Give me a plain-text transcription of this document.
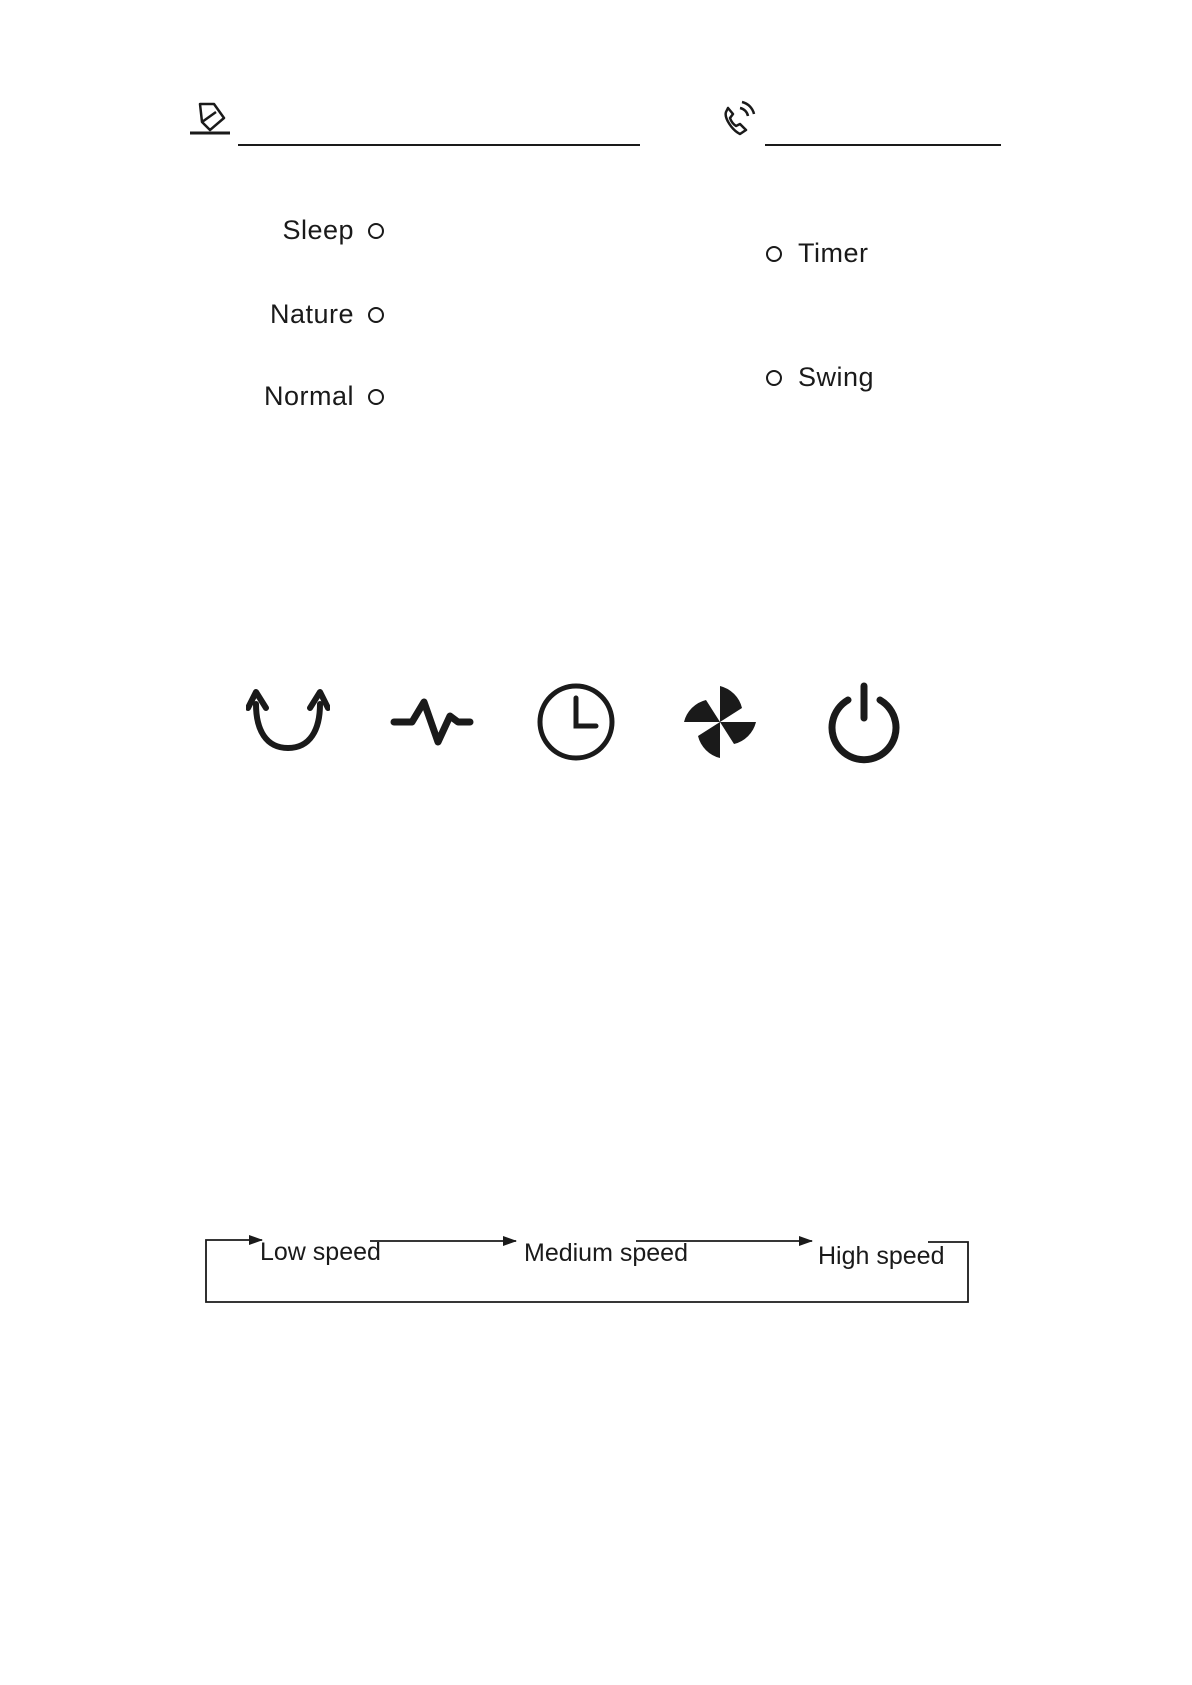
Sleep
Nature
Normal
Timer
Swing
Low speed	Medium speed	High speed
